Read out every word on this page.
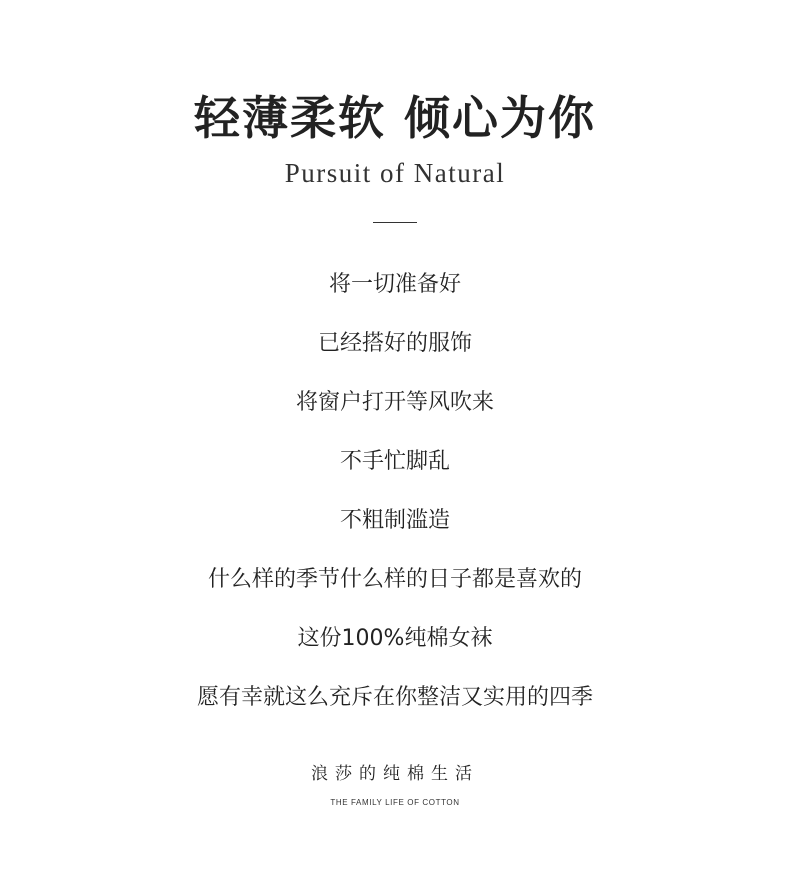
轻薄柔软 倾心为你
Pursuit of Natural
将一切准备好
已经搭好的服饰
将窗户打开等风吹来
不手忙脚乱
不粗制滥造
什么样的季节什么样的日子都是喜欢的
这份100%纯棉女袜
愿有幸就这么充斥在你整洁又实用的四季
浪莎的纯棉生活
THE FAMILY LIFE OF COTTON
